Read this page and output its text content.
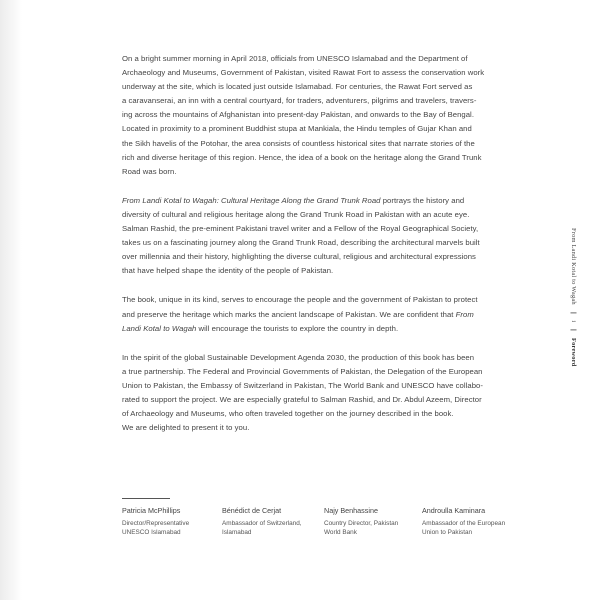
On a bright summer morning in April 2018, officials from UNESCO Islamabad and the Department of
Archaeology and Museums, Government of Pakistan, visited Rawat Fort to assess the conservation work
underway at the site, which is located just outside Islamabad. For centuries, the Rawat Fort served as
a caravanserai, an inn with a central courtyard, for traders, adventurers, pilgrims and travelers, travers-
ing across the mountains of Afghanistan into present-day Pakistan, and onwards to the Bay of Bengal.
Located in proximity to a prominent Buddhist stupa at Mankiala, the Hindu temples of Gujar Khan and
the Sikh havelis of the Potohar, the area consists of countless historical sites that narrate stories of the
rich and diverse heritage of this region. Hence, the idea of a book on the heritage along the Grand Trunk
Road was born.

From Landi Kotal to Wagah: Cultural Heritage Along the Grand Trunk Road portrays the history and
diversity of cultural and religious heritage along the Grand Trunk Road in Pakistan with an acute eye.
Salman Rashid, the pre-eminent Pakistani travel writer and a Fellow of the Royal Geographical Society,
takes us on a fascinating journey along the Grand Trunk Road, describing the architectural marvels built
over millennia and their history, highlighting the diverse cultural, religious and architectural expressions
that have helped shape the identity of the people of Pakistan.

The book, unique in its kind, serves to encourage the people and the government of Pakistan to protect
and preserve the heritage which marks the ancient landscape of Pakistan. We are confident that From
Landi Kotal to Wagah will encourage the tourists to explore the country in depth.

In the spirit of the global Sustainable Development Agenda 2030, the production of this book has been
a true partnership. The Federal and Provincial Governments of Pakistan, the Delegation of the European
Union to Pakistan, the Embassy of Switzerland in Pakistan, The World Bank and UNESCO have collabo-
rated to support the project. We are especially grateful to Salman Rashid, and Dr. Abdul Azeem, Director
of Archaeology and Museums, who often traveled together on the journey described in the book.
We are delighted to present it to you.

Patricia McPhillips
Director/Representative
UNESCO Islamabad
Bénédict de Cerjat
Ambassador of Switzerland,
Islamabad
Najy Benhassine
Country Director, Pakistan
World Bank
Androulla Kaminara
Ambassador of the European
Union to Pakistan
From Landi Kotal to Wagah | i | Foreword
